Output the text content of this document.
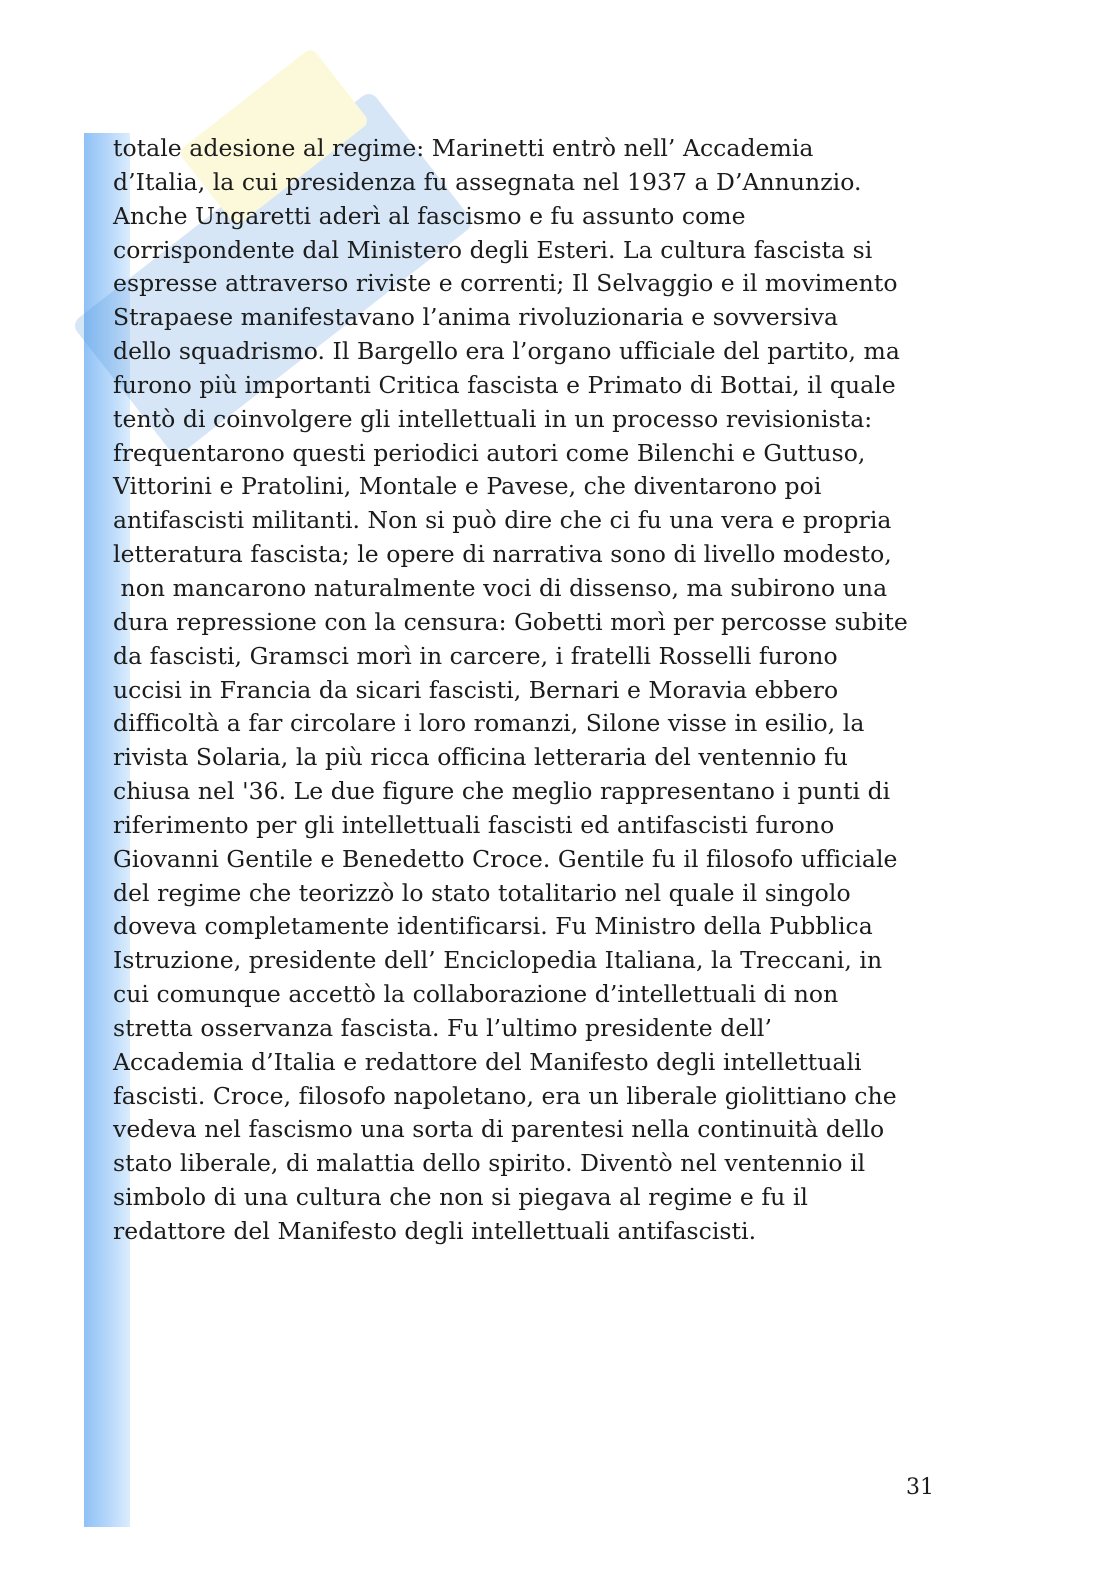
totale adesione al regime: Marinetti entrò nell’ Accademia
d’Italia, la cui presidenza fu assegnata nel 1937 a D’Annunzio.
Anche Ungaretti aderì al fascismo e fu assunto come
corrispondente dal Ministero degli Esteri. La cultura fascista si
espresse attraverso riviste e correnti; Il Selvaggio e il movimento
Strapaese manifestavano l’anima rivoluzionaria e sovversiva
dello squadrismo. Il Bargello era l’organo ufficiale del partito, ma
furono più importanti Critica fascista e Primato di Bottai, il quale
tentò di coinvolgere gli intellettuali in un processo revisionista:
frequentarono questi periodici autori come Bilenchi e Guttuso,
Vittorini e Pratolini, Montale e Pavese, che diventarono poi
antifascisti militanti. Non si può dire che ci fu una vera e propria
letteratura fascista; le opere di narrativa sono di livello modesto,
non mancarono naturalmente voci di dissenso, ma subirono una
dura repressione con la censura: Gobetti morì per percosse subite
da fascisti, Gramsci morì in carcere, i fratelli Rosselli furono
uccisi in Francia da sicari fascisti, Bernari e Moravia ebbero
difficoltà a far circolare i loro romanzi, Silone visse in esilio, la
rivista Solaria, la più ricca officina letteraria del ventennio fu
chiusa nel '36. Le due figure che meglio rappresentano i punti di
riferimento per gli intellettuali fascisti ed antifascisti furono
Giovanni Gentile e Benedetto Croce. Gentile fu il filosofo ufficiale
del regime che teorizzò lo stato totalitario nel quale il singolo
doveva completamente identificarsi. Fu Ministro della Pubblica
Istruzione, presidente dell’ Enciclopedia Italiana, la Treccani, in
cui comunque accettò la collaborazione d’intellettuali di non
stretta osservanza fascista. Fu l’ultimo presidente dell’
Accademia d’Italia e redattore del Manifesto degli intellettuali
fascisti. Croce, filosofo napoletano, era un liberale giolittiano che
vedeva nel fascismo una sorta di parentesi nella continuità dello
stato liberale, di malattia dello spirito. Diventò nel ventennio il
simbolo di una cultura che non si piegava al regime e fu il
redattore del Manifesto degli intellettuali antifascisti.
31
